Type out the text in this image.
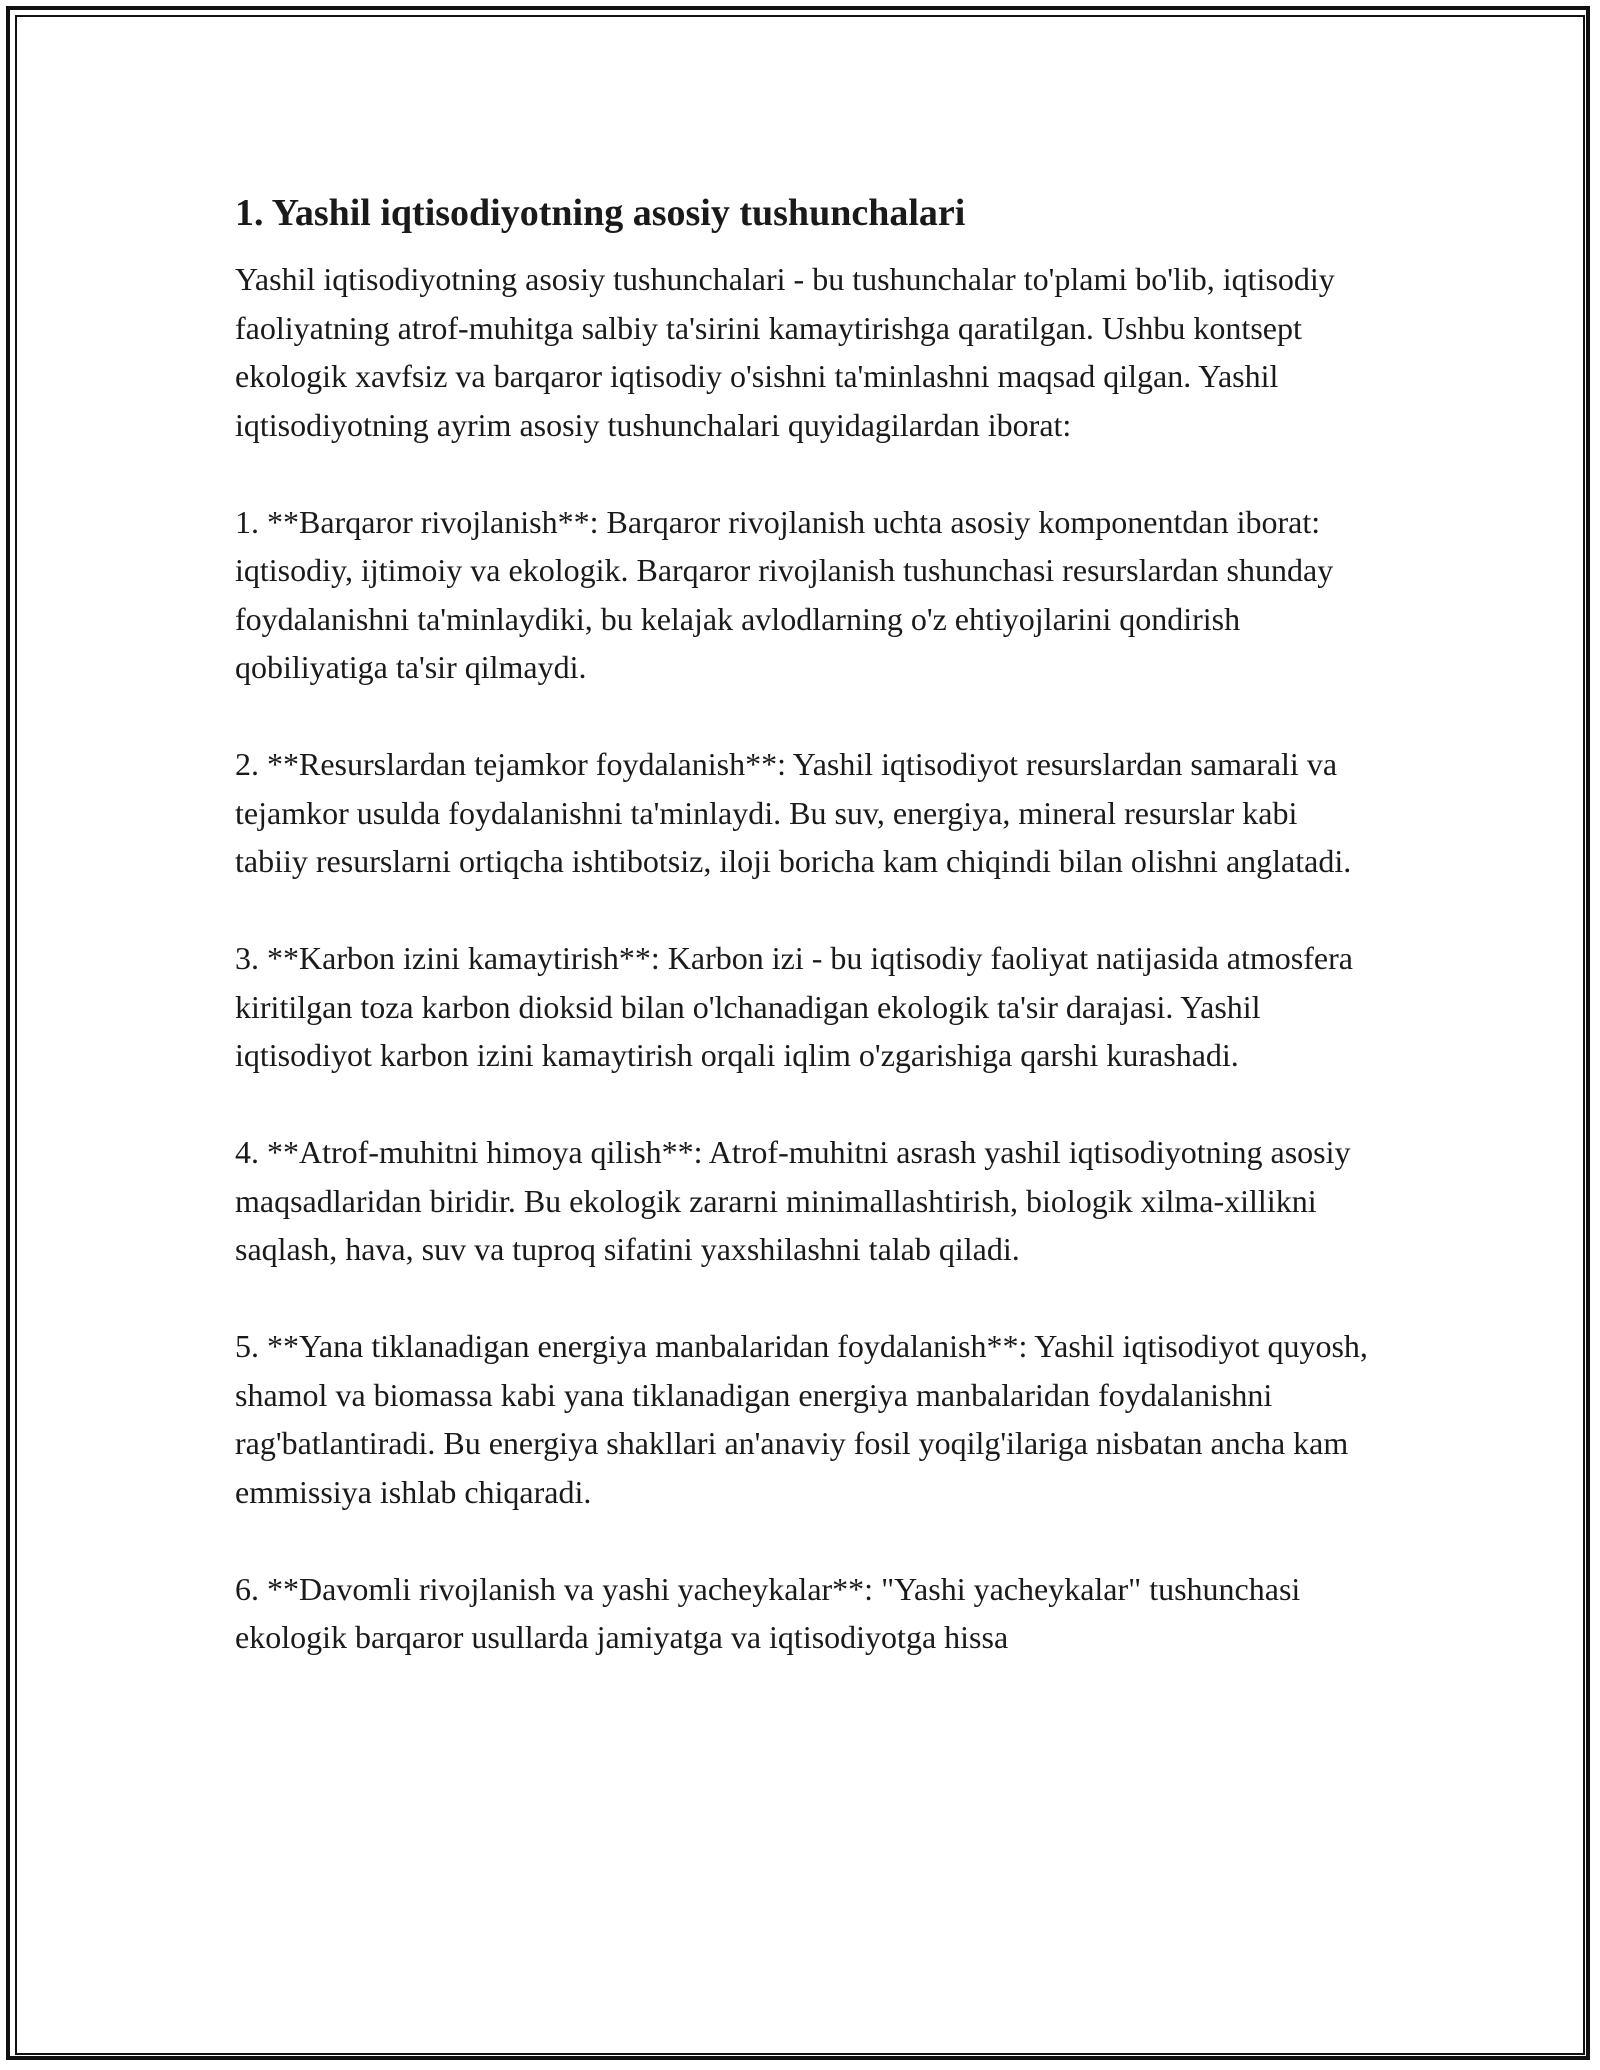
1. Yashil iqtisodiyotning asosiy tushunchalari

Yashil iqtisodiyotning asosiy tushunchalari - bu tushunchalar to'plami bo'lib, iqtisodiy faoliyatning atrof-muhitga salbiy ta'sirini kamaytirishga qaratilgan. Ushbu kontsept ekologik xavfsiz va barqaror iqtisodiy o'sishni ta'minlashni maqsad qilgan. Yashil iqtisodiyotning ayrim asosiy tushunchalari quyidagilardan iborat:

1. **Barqaror rivojlanish**: Barqaror rivojlanish uchta asosiy komponentdan iborat: iqtisodiy, ijtimoiy va ekologik. Barqaror rivojlanish tushunchasi resurslardan shunday foydalanishni ta'minlaydiki, bu kelajak avlodlarning o'z ehtiyojlarini qondirish qobiliyatiga ta'sir qilmaydi.

2. **Resurslardan tejamkor foydalanish**: Yashil iqtisodiyot resurslardan samarali va tejamkor usulda foydalanishni ta'minlaydi. Bu suv, energiya, mineral resurslar kabi tabiiy resurslarni ortiqcha ishtibotsiz, iloji boricha kam chiqindi bilan olishni anglatadi.

3. **Karbon izini kamaytirish**: Karbon izi - bu iqtisodiy faoliyat natijasida atmosfera kiritilgan toza karbon dioksid bilan o'lchanadigan ekologik ta'sir darajasi. Yashil iqtisodiyot karbon izini kamaytirish orqali iqlim o'zgarishiga qarshi kurashadi.

4. **Atrof-muhitni himoya qilish**: Atrof-muhitni asrash yashil iqtisodiyotning asosiy maqsadlaridan biridir. Bu ekologik zararni minimallashtirish, biologik xilma-xillikni saqlash, hava, suv va tuproq sifatini yaxshilashni talab qiladi.

5. **Yana tiklanadigan energiya manbalaridan foydalanish**: Yashil iqtisodiyot quyosh, shamol va biomassa kabi yana tiklanadigan energiya manbalaridan foydalanishni rag'batlantiradi. Bu energiya shakllari an'anaviy fosil yoqilg'ilariga nisbatan ancha kam emmissiya ishlab chiqaradi.

6. **Davomli rivojlanish va yashi yacheykalar**: "Yashi yacheykalar" tushunchasi ekologik barqaror usullarda jamiyatga va iqtisodiyotga hissa
